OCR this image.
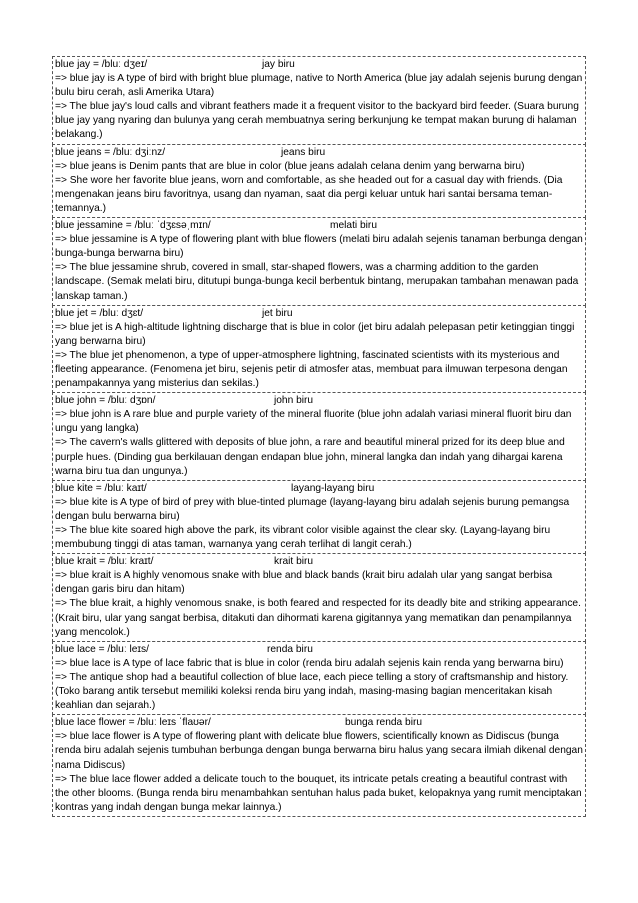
blue jay = /bluː dʒeɪ/	jay biru

=> blue jay is A type of bird with bright blue plumage, native to North America (blue jay adalah sejenis burung dengan bulu biru cerah, asli Amerika Utara)

=> The blue jay's loud calls and vibrant feathers made it a frequent visitor to the backyard bird feeder. (Suara burung blue jay yang nyaring dan bulunya yang cerah membuatnya sering berkunjung ke tempat makan burung di halaman belakang.)

blue jeans = /bluː dʒiːnz/	jeans biru

=> blue jeans is Denim pants that are blue in color (blue jeans adalah celana denim yang berwarna biru)

=> She wore her favorite blue jeans, worn and comfortable, as she headed out for a casual day with friends. (Dia mengenakan jeans biru favoritnya, usang dan nyaman, saat dia pergi keluar untuk hari santai bersama teman-temannya.)

blue jessamine = /bluː ˈdʒɛsəˌmɪn/	melati biru

=> blue jessamine is A type of flowering plant with blue flowers (melati biru adalah sejenis tanaman berbunga dengan bunga-bunga berwarna biru)

=> The blue jessamine shrub, covered in small, star-shaped flowers, was a charming addition to the garden landscape. (Semak melati biru, ditutupi bunga-bunga kecil berbentuk bintang, merupakan tambahan menawan pada lanskap taman.)

blue jet = /bluː dʒɛt/	jet biru

=> blue jet is A high-altitude lightning discharge that is blue in color (jet biru adalah pelepasan petir ketinggian tinggi yang berwarna biru)

=> The blue jet phenomenon, a type of upper-atmosphere lightning, fascinated scientists with its mysterious and fleeting appearance. (Fenomena jet biru, sejenis petir di atmosfer atas, membuat para ilmuwan terpesona dengan penampakannya yang misterius dan sekilas.)

blue john = /bluː dʒɒn/	john biru

=> blue john is A rare blue and purple variety of the mineral fluorite (blue john adalah variasi mineral fluorit biru dan ungu yang langka)

=> The cavern's walls glittered with deposits of blue john, a rare and beautiful mineral prized for its deep blue and purple hues. (Dinding gua berkilauan dengan endapan blue john, mineral langka dan indah yang dihargai karena warna biru tua dan ungunya.)

blue kite = /bluː kaɪt/	layang-layang biru

=> blue kite is A type of bird of prey with blue-tinted plumage (layang-layang biru adalah sejenis burung pemangsa dengan bulu berwarna biru)

=> The blue kite soared high above the park, its vibrant color visible against the clear sky. (Layang-layang biru membubung tinggi di atas taman, warnanya yang cerah terlihat di langit cerah.)

blue krait = /bluː kraɪt/	krait biru

=> blue krait is A highly venomous snake with blue and black bands (krait biru adalah ular yang sangat berbisa dengan garis biru dan hitam)

=> The blue krait, a highly venomous snake, is both feared and respected for its deadly bite and striking appearance. (Krait biru, ular yang sangat berbisa, ditakuti dan dihormati karena gigitannya yang mematikan dan penampilannya yang mencolok.)

blue lace = /bluː leɪs/	renda biru

=> blue lace is A type of lace fabric that is blue in color (renda biru adalah sejenis kain renda yang berwarna biru)

=> The antique shop had a beautiful collection of blue lace, each piece telling a story of craftsmanship and history. (Toko barang antik tersebut memiliki koleksi renda biru yang indah, masing-masing bagian menceritakan kisah keahlian dan sejarah.)

blue lace flower = /bluː leɪs ˈflaʊər/	bunga renda biru

=> blue lace flower is A type of flowering plant with delicate blue flowers, scientifically known as Didiscus (bunga renda biru adalah sejenis tumbuhan berbunga dengan bunga berwarna biru halus yang secara ilmiah dikenal dengan nama Didiscus)

=> The blue lace flower added a delicate touch to the bouquet, its intricate petals creating a beautiful contrast with the other blooms. (Bunga renda biru menambahkan sentuhan halus pada buket, kelopaknya yang rumit menciptakan kontras yang indah dengan bunga mekar lainnya.)
